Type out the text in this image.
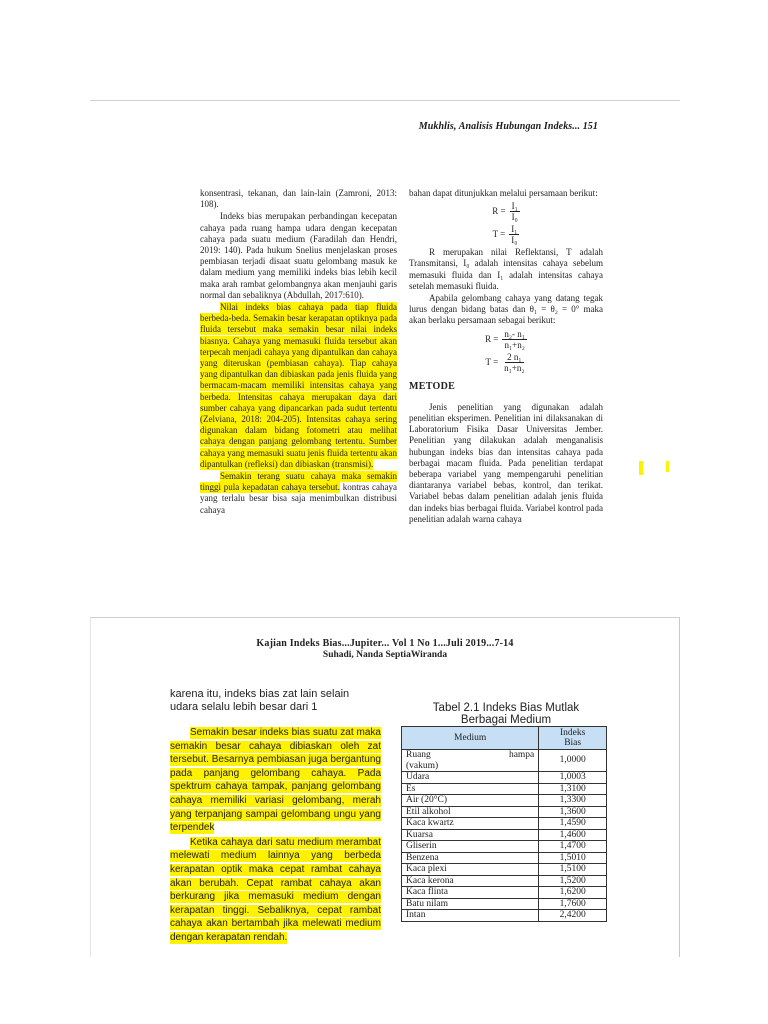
Mukhlis, Analisis Hubungan Indeks... 151

konsentrasi, tekanan, dan lain-lain (Zamroni, 2013: 108).

Indeks bias merupakan perbandingan kecepatan cahaya pada ruang hampa udara dengan kecepatan cahaya pada suatu medium (Faradilah dan Hendri, 2019: 140). Pada hukum Snelius menjelaskan proses pembiasan terjadi disaat suatu gelombang masuk ke dalam medium yang memiliki indeks bias lebih kecil maka arah rambat gelombangnya akan menjauhi garis normal dan sebaliknya (Abdullah, 2017:610).

Nilai indeks bias cahaya pada tiap fluida berbeda-beda. Semakin besar kerapatan optiknya pada fluida tersebut maka semakin besar nilai indeks biasnya. Cahaya yang memasuki fluida tersebut akan terpecah menjadi cahaya yang dipantulkan dan cahaya yang diteruskan (pembiasan cahaya). Tiap cahaya yang dipantulkan dan dibiaskan pada jenis fluida yang bermacam-macam memiliki intensitas cahaya yang berbeda. Intensitas cahaya merupakan daya dari sumber cahaya yang dipancarkan pada sudut tertentu (Zelviana, 2018: 204-205). Intensitas cahaya sering digunakan dalam bidang fotometri atau melihat cahaya dengan panjang gelombang tertentu. Sumber cahaya yang memasuki suatu jenis fluida tertentu akan dipantulkan (refleksi) dan dibiaskan (transmisi).

Semakin terang suatu cahaya maka semakin tinggi pula kepadatan cahaya tersebut. kontras cahaya yang terlalu besar bisa saja menimbulkan distribusi cahaya

bahan dapat ditunjukkan melalui persamaan berikut:

$R = \frac{\text{I₁}}{\text{I₀}}$
$T = \frac{\text{I₁}}{\text{I₀}}$

R merupakan nilai Reflektansi, T adalah Transmitansi, I₀ adalah intensitas cahaya sebelum memasuki fluida dan I₁ adalah intensitas cahaya setelah memasuki fluida.

Apabila gelombang cahaya yang datang tegak lurus dengan bidang batas dan θ₁ = θ₂ = 0° maka akan berlaku persamaan sebagai berikut:

$R = \frac{\text{n₂- n₁}}{\text{n₁+n₂}}$
$T = \frac{\text{2 n₁}}{\text{n₁+n₂}}$
METODE

Jenis penelitian yang digunakan adalah penelitian eksperimen. Penelitian ini dilaksanakan di Laboratorium Fisika Dasar Universitas Jember. Penelitian yang dilakukan adalah menganalisis hubungan indeks bias dan intensitas cahaya pada berbagai macam fluida. Pada penelitian terdapat beberapa variabel yang mempengaruhi penelitian diantaranya variabel bebas, kontrol, dan terikat. Variabel bebas dalam penelitian adalah jenis fluida dan indeks bias berbagai fluida. Variabel kontrol pada penelitian adalah warna cahaya

Kajian Indeks Bias...Jupiter... Vol 1 No 1...Juli 2019...7-14
Suhadi, Nanda SeptiaWiranda
karena itu, indeks bias zat lain selain udara selalu lebih besar dari 1

Semakin besar indeks bias suatu zat maka semakin besar cahaya dibiaskan oleh zat tersebut. Besarnya pembiasan juga bergantung pada panjang gelombang cahaya. Pada spektrum cahaya tampak, panjang gelombang cahaya memiliki variasi gelombang, merah yang terpanjang sampai gelombang ungu yang terpendek

Ketika cahaya dari satu medium merambat melewati medium lainnya yang berbeda kerapatan optik maka cepat rambat cahaya akan berubah. Cepat rambat cahaya akan berkurang jika memasuki medium dengan kerapatan tinggi. Sebaliknya, cepat rambat cahaya akan bertambah jika melewati medium dengan kerapatan rendah.

Tabel 2.1 Indeks Bias Mutlak
Berbagai Medium
Medium	Indeks
Bias

Ruang hampa
(vakum)	1,0000
Udara	1,0003
Es	1,3100
Air (20°C)	1,3300
Etil alkohol	1,3600
Kaca kwartz	1,4590
Kuarsa	1,4600
Gliserin	1,4700
Benzena	1,5010
Kaca plexi	1,5100
Kaca kerona	1,5200
Kaca flinta	1,6200
Batu nilam	1,7600
Intan	2,4200
